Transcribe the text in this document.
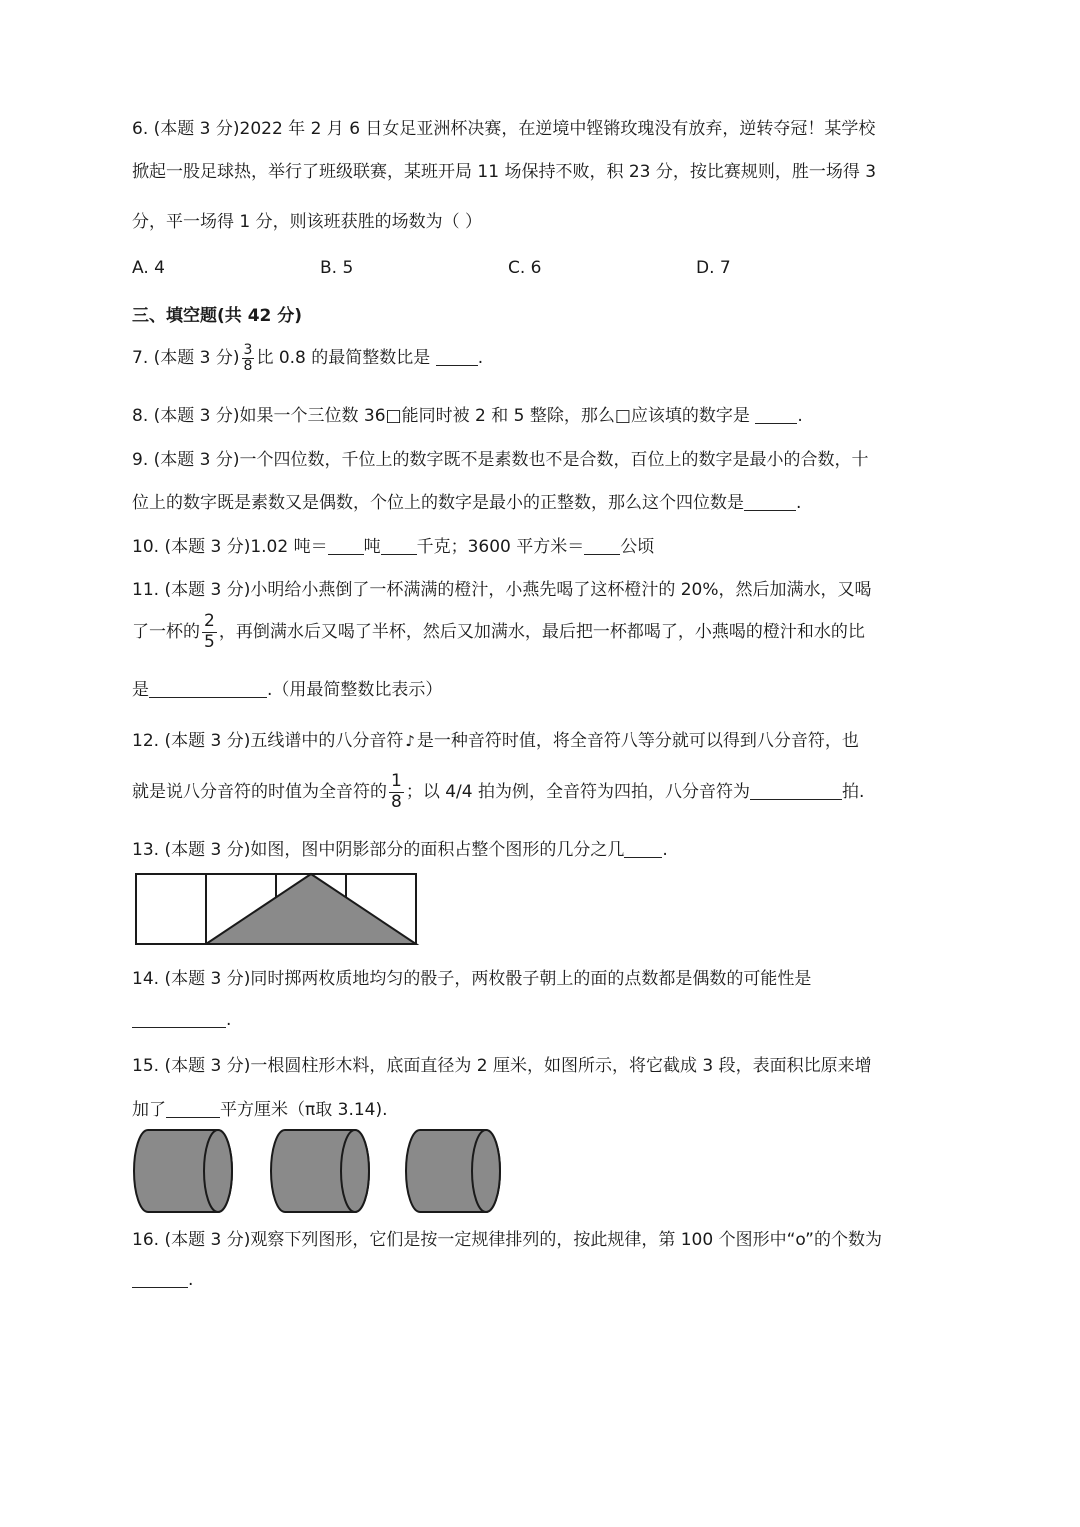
6. (本题 3 分)2022 年 2 月 6 日女足亚洲杯决赛，在逆境中铿锵玫瑰没有放弃，逆转夺冠！某学校
掀起一股足球热，举行了班级联赛，某班开局 11 场保持不败，积 23 分，按比赛规则，胜一场得 3
分，平一场得 1 分，则该班获胜的场数为（ ）
A. 4	B. 5	C. 6	D. 7
三、填空题(共 42 分)
7. (本题 3 分) $\frac{3}{8}$ 比 0.8 的最简整数比是 .
8. (本题 3 分)如果一个三位数 36□能同时被 2 和 5 整除，那么□应该填的数字是 .
9. (本题 3 分)一个四位数，千位上的数字既不是素数也不是合数，百位上的数字是最小的合数，十
位上的数字既是素数又是偶数，个位上的数字是最小的正整数，那么这个四位数是	.
10. (本题 3 分)1.02 吨＝ 吨 千克；3600 平方米＝ 公顷
11. (本题 3 分)小明给小燕倒了一杯满满的橙汁，小燕先喝了这杯橙汁的 20%，然后加满水，又喝
了一杯的 $\frac{2}{5}$ ，再倒满水后又喝了半杯，然后又加满水，最后把一杯都喝了，小燕喝的橙汁和水的比
是	.（用最简整数比表示）
12. (本题 3 分)五线谱中的八分音符 ♪ 是一种音符时值，将全音符八等分就可以得到八分音符，也
就是说八分音符的时值为全音符的 $\frac{1}{8}$ ；以 4/4 拍为例，全音符为四拍，八分音符为	拍.
13. (本题 3 分)如图，图中阴影部分的面积占整个图形的几分之几 .
14. (本题 3 分)同时掷两枚质地均匀的骰子，两枚骰子朝上的面的点数都是偶数的可能性是
.
15. (本题 3 分)一根圆柱形木料，底面直径为 2 厘米，如图所示，将它截成 3 段，表面积比原来增
加了	平方厘米（π取 3.14).
16. (本题 3 分)观察下列图形，它们是按一定规律排列的，按此规律，第 100 个图形中“o”的个数为
.
